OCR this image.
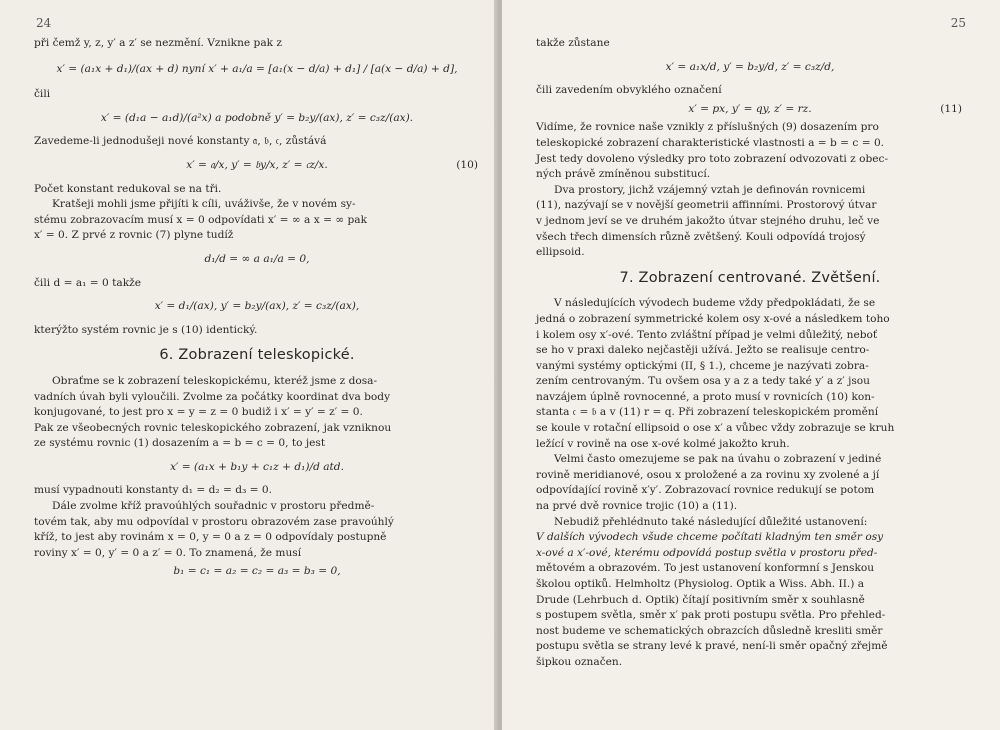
24
při čemž y, z, y′ a z′ se nezmění. Vznikne pak z
x′ = (a₁x + d₁)/(ax + d) nyní x′ + a₁/a = [a₁(x − d/a) + d₁] / [a(x − d/a) + d],
čili
x′ = (d₁a − a₁d)/(a²x) a podobně y′ = b₂y/(ax), z′ = c₃z/(ax).
Zavedeme-li jednodušeji nové konstanty 𝔞, 𝔟, 𝔠, zůstává
x′ = 𝔞/x, y′ = 𝔟y/x, z′ = 𝔠z/x.	(10)
Počet konstant redukoval se na tři.
Kratšeji mohli jsme přijíti k cíli, uváživše, že v novém sy-
stému zobrazovacím musí x = 0 odpovídati x′ = ∞ a x = ∞ pak
x′ = 0. Z prvé z rovnic (7) plyne tudíž
d₁/d = ∞ a a₁/a = 0,
čili d = a₁ = 0 takže
x′ = d₁/(ax), y′ = b₂y/(ax), z′ = c₃z/(ax),
kterýžto systém rovnic je s (10) identický.
6. Zobrazení teleskopické.
Obraťme se k zobrazení teleskopickému, kteréž jsme z dosa-
vadních úvah byli vyloučili. Zvolme za počátky koordinat dva body
konjugované, to jest pro x = y = z = 0 budiž i x′ = y′ = z′ = 0.
Pak ze všeobecných rovnic teleskopického zobrazení, jak vzniknou
ze systému rovnic (1) dosazením a = b = c = 0, to jest
x′ = (a₁x + b₁y + c₁z + d₁)/d atd.
musí vypadnouti konstanty d₁ = d₂ = d₃ = 0.
Dále zvolme kříž pravoúhlých souřadnic v prostoru předmě-
tovém tak, aby mu odpovídal v prostoru obrazovém zase pravoúhlý
kříž, to jest aby rovinám x = 0, y = 0 a z = 0 odpovídaly postupně
roviny x′ = 0, y′ = 0 a z′ = 0. To znamená, že musí
b₁ = c₁ = a₂ = c₂ = a₃ = b₃ = 0,
25
takže zůstane
x′ = a₁x/d, y′ = b₂y/d, z′ = c₃z/d,
čili zavedením obvyklého označení
x′ = px, y′ = qy, z′ = rz.	(11)
Vidíme, že rovnice naše vznikly z příslušných (9) dosazením pro
teleskopické zobrazení charakteristické vlastnosti a = b = c = 0.
Jest tedy dovoleno výsledky pro toto zobrazení odvozovati z obec-
ných právě zmíněnou substitucí.
Dva prostory, jichž vzájemný vztah je definován rovnicemi
(11), nazývají se v novější geometrii affinními. Prostorový útvar
v jednom jeví se ve druhém jakožto útvar stejného druhu, leč ve
všech třech dimensích různě zvětšený. Kouli odpovídá trojosý
ellipsoid.
7. Zobrazení centrované. Zvětšení.
V následujících vývodech budeme vždy předpokládati, že se
jedná o zobrazení symmetrické kolem osy x-ové a následkem toho
i kolem osy x′-ové. Tento zvláštní případ je velmi důležitý, neboť
se ho v praxi daleko nejčastěji užívá. Ježto se realisuje centro-
vanými systémy optickými (II, § 1.), chceme je nazývati zobra-
zením centrovaným. Tu ovšem osa y a z a tedy také y′ a z′ jsou
navzájem úplně rovnocenné, a proto musí v rovnicích (10) kon-
stanta 𝔠 = 𝔟 a v (11) r = q. Při zobrazení teleskopickém promění
se koule v rotační ellipsoid o ose x′ a vůbec vždy zobrazuje se kruh
ležící v rovině na ose x-ové kolmé jakožto kruh.
Velmi často omezujeme se pak na úvahu o zobrazení v jediné
rovině meridianové, osou x proložené a za rovinu xy zvolené a jí
odpovídající rovině x′y′. Zobrazovací rovnice redukují se potom
na prvé dvě rovnice trojic (10) a (11).
Nebudiž přehlédnuto také následující důležité ustanovení:
V dalších vývodech všude chceme počítati kladným ten směr osy
x-ové a x′-ové, kterému odpovídá postup světla v prostoru před-
mětovém a obrazovém. To jest ustanovení konformní s Jenskou
školou optiků. Helmholtz (Physiolog. Optik a Wiss. Abh. II.) a
Drude (Lehrbuch d. Optik) čítají positivním směr x souhlasně
s postupem světla, směr x′ pak proti postupu světla. Pro přehled-
nost budeme ve schematických obrazcích důsledně kresliti směr
postupu světla se strany levé k pravé, není-li směr opačný zřejmě
šipkou označen.
